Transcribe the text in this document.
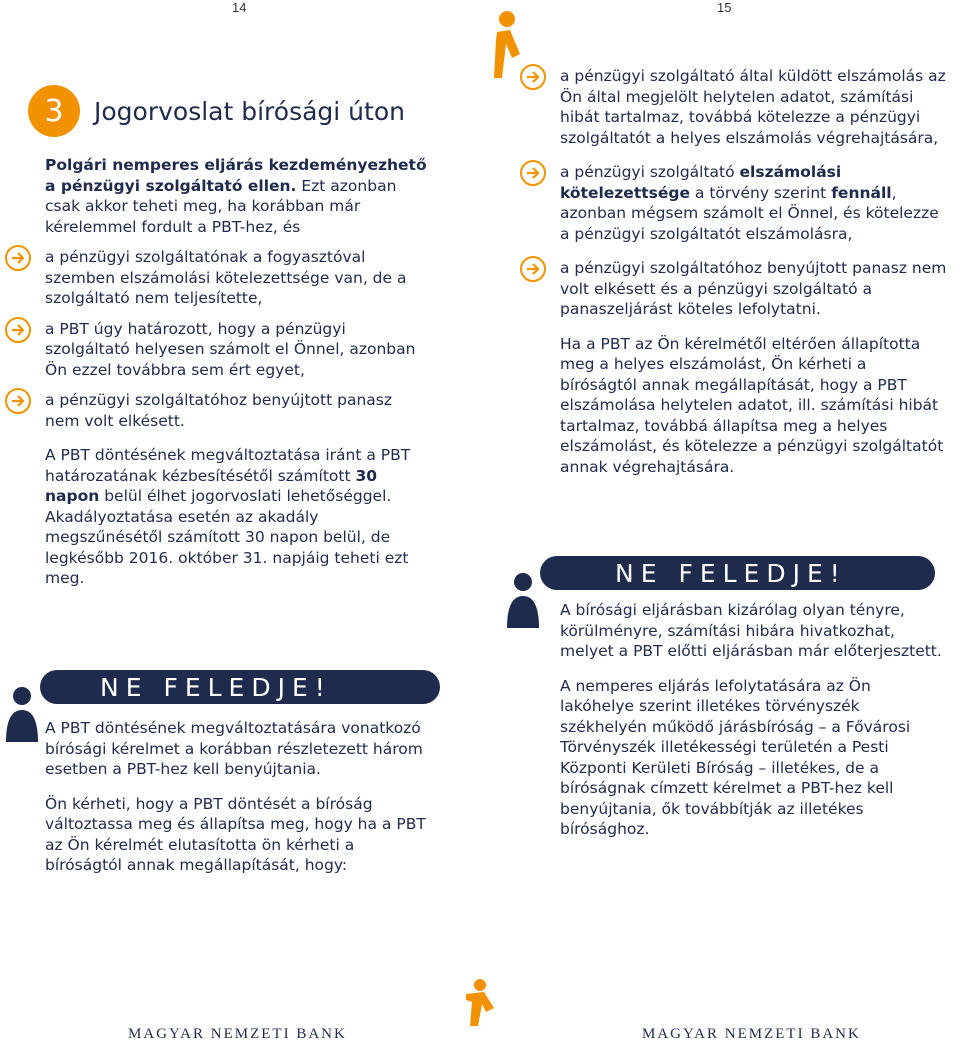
14	15
3	Jogorvoslat bírósági úton

Polgári nemperes eljárás kezdeményezhető a pénzügyi szolgáltató ellen. Ezt azonban csak akkor teheti meg, ha korábban már kérelemmel fordult a PBT-hez, és

a pénzügyi szolgáltatónak a fogyasztóval szemben elszámolási kötelezettsége van, de a szolgáltató nem teljesítette,

a PBT úgy határozott, hogy a pénzügyi szolgáltató helyesen számolt el Önnel, azonban Ön ezzel továbbra sem ért egyet,

a pénzügyi szolgáltatóhoz benyújtott panasz nem volt elkésett.

A PBT döntésének megváltoztatása iránt a PBT határozatának kézbesítésétől számított 30 napon belül élhet jogorvoslati lehetőséggel. Akadályoztatása esetén az akadály megszűnésétől számított 30 napon belül, de legkésőbb 2016. október 31. napjáig teheti ezt meg.

NE FELEDJE!

A PBT döntésének megváltoztatására vonatkozó bírósági kérelmet a korábban részletezett három esetben a PBT-hez kell benyújtania.

Ön kérheti, hogy a PBT döntését a bíróság változtassa meg és állapítsa meg, hogy ha a PBT az Ön kérelmét elutasította ön kérheti a bíróságtól annak megállapítását, hogy:

a pénzügyi szolgáltató által küldött elszámolás az Ön által megjelölt helytelen adatot, számítási hibát tartalmaz, továbbá kötelezze a pénzügyi szolgáltatót a helyes elszámolás végrehajtására,

a pénzügyi szolgáltató elszámolási kötelezettsége a törvény szerint fennáll, azonban mégsem számolt el Önnel, és kötelezze a pénzügyi szolgáltatót elszámolásra,

a pénzügyi szolgáltatóhoz benyújtott panasz nem volt elkésett és a pénzügyi szolgáltató a panaszeljárást köteles lefolytatni.

Ha a PBT az Ön kérelmétől eltérően állapította meg a helyes elszámolást, Ön kérheti a bíróságtól annak megállapítását, hogy a PBT elszámolása helytelen adatot, ill. számítási hibát tartalmaz, továbbá állapítsa meg a helyes elszámolást, és kötelezze a pénzügyi szolgáltatót annak végrehajtására.

NE FELEDJE!

A bírósági eljárásban kizárólag olyan tényre, körülményre, számítási hibára hivatkozhat, melyet a PBT előtti eljárásban már előterjesztett.

A nemperes eljárás lefolytatására az Ön lakóhelye szerint illetékes törvényszék székhelyén működő járásbíróság – a Fővárosi Törvényszék illetékességi területén a Pesti Központi Kerületi Bíróság – illetékes, de a bíróságnak címzett kérelmet a PBT-hez kell benyújtania, ők továbbítják az illetékes bírósághoz.

MAGYAR NEMZETI BANK	MAGYAR NEMZETI BANK
